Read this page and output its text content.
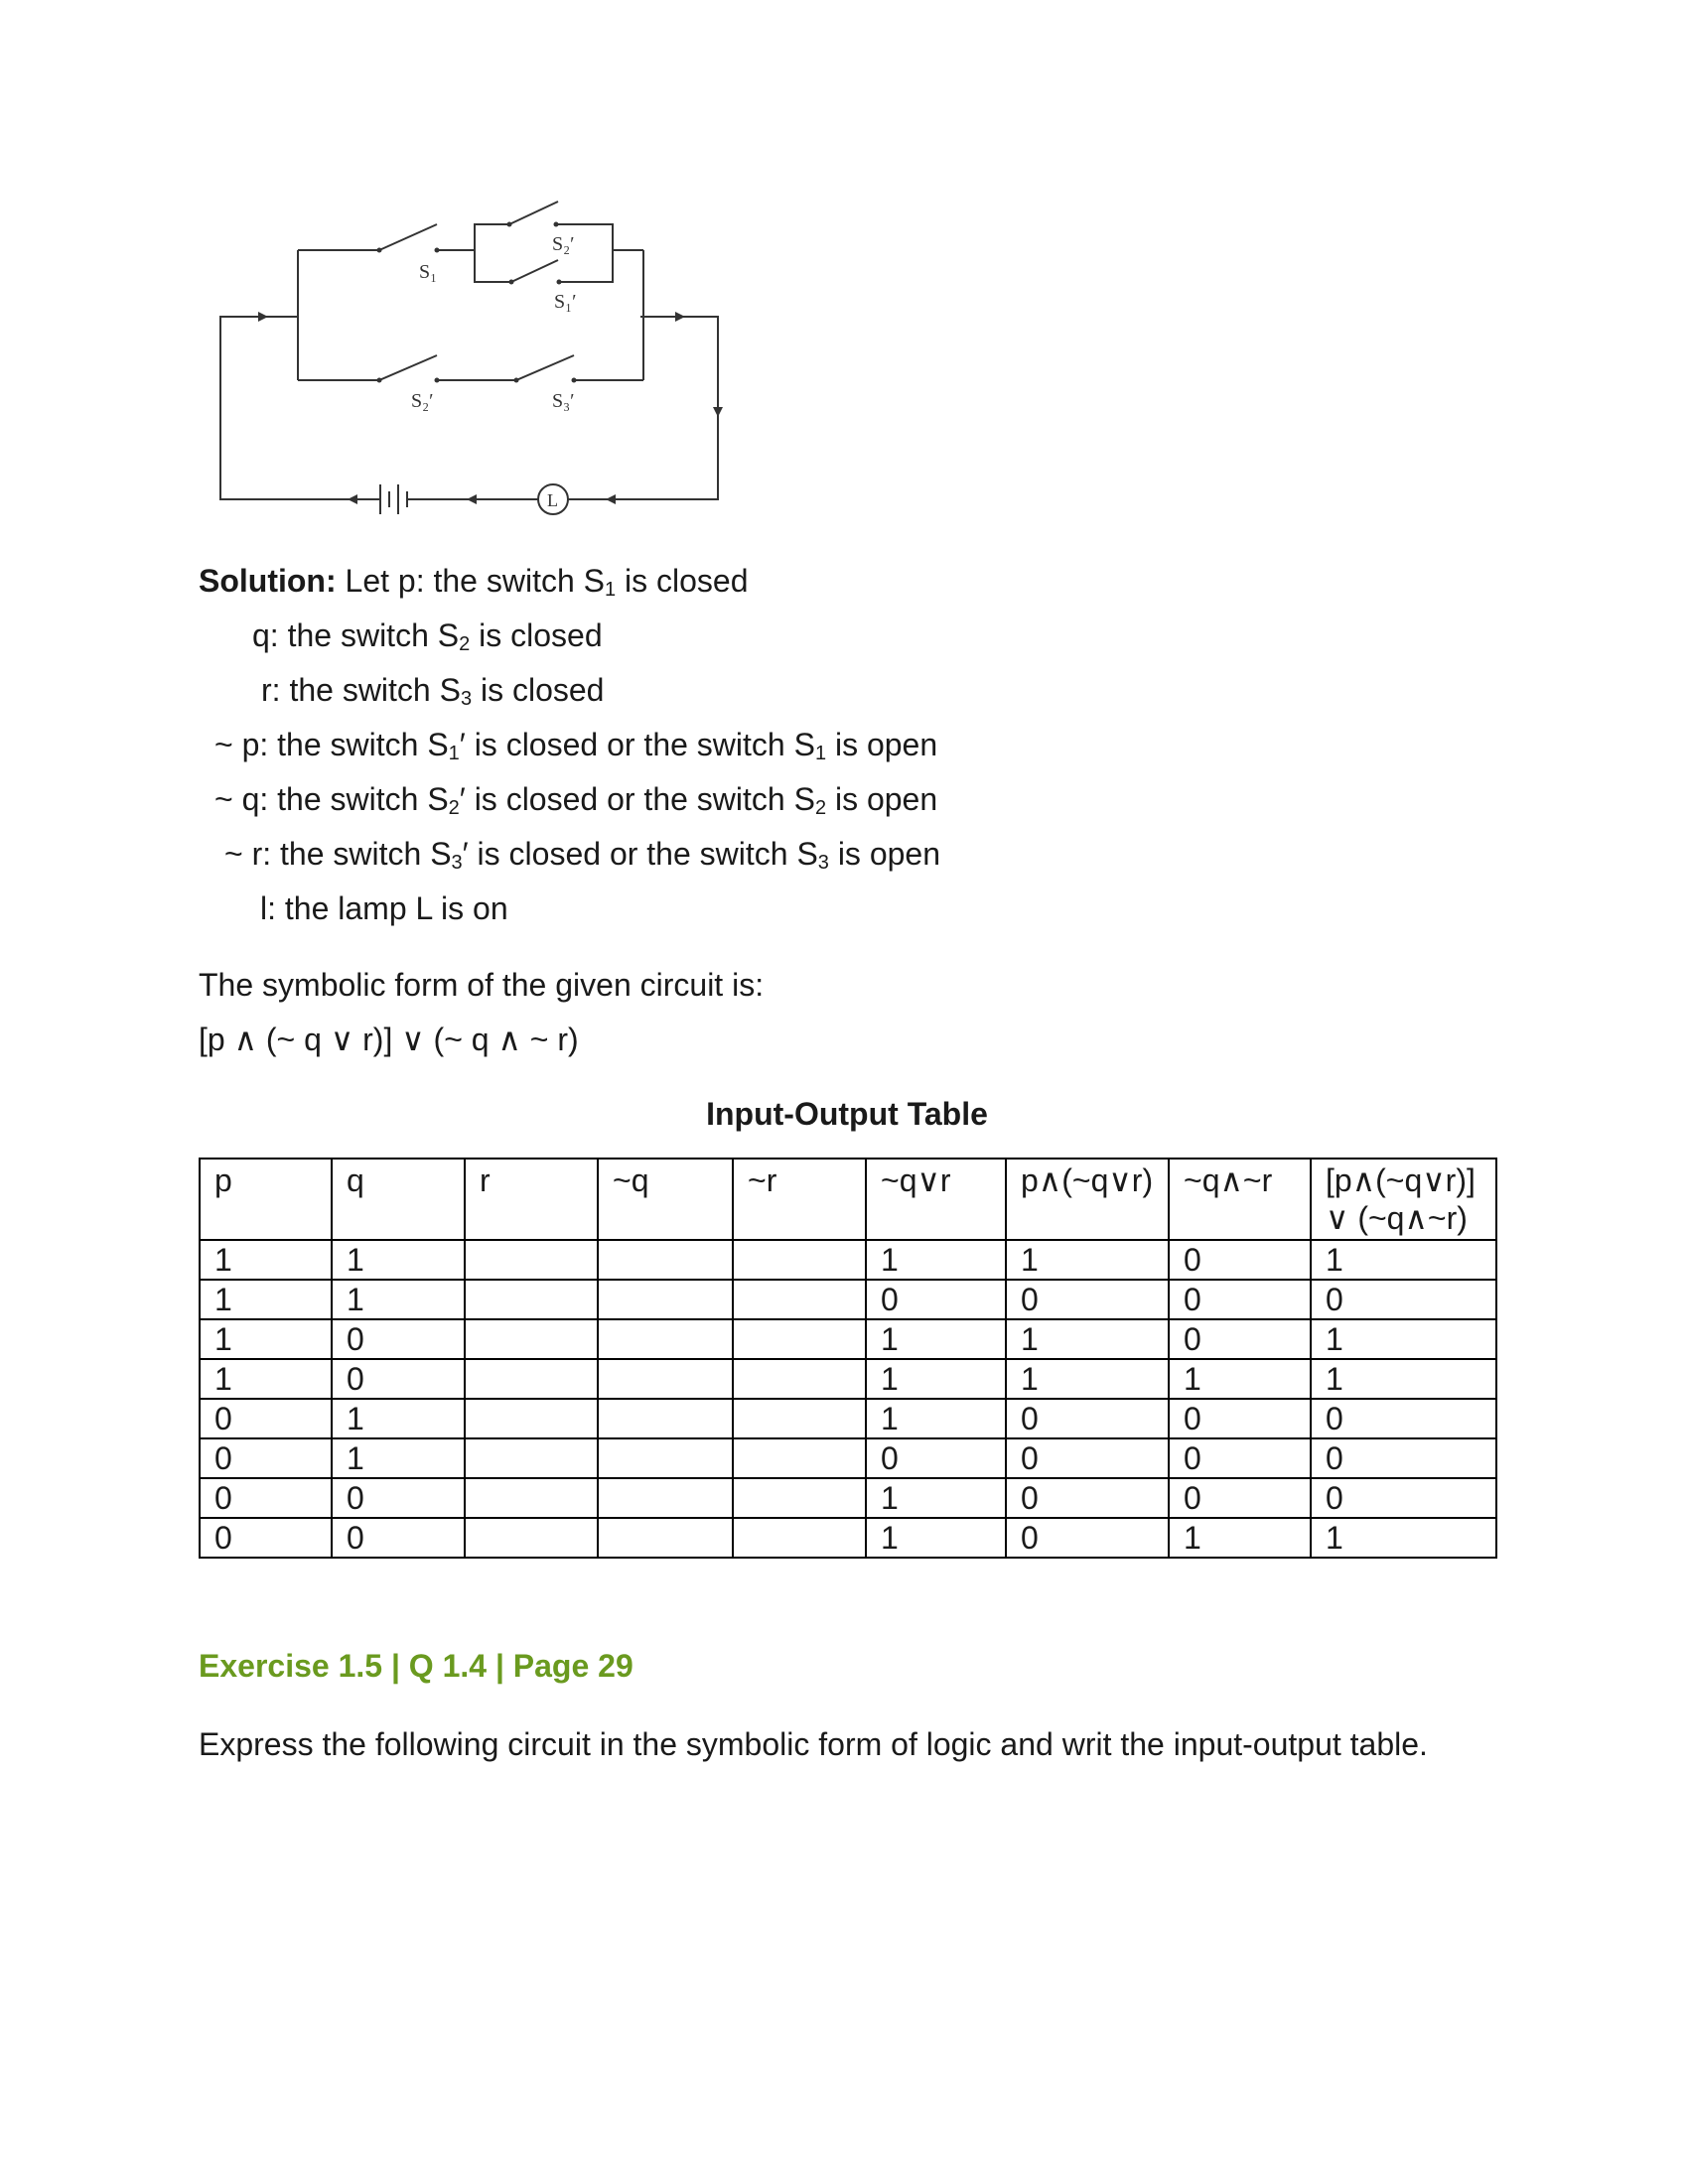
S₁
S₂′
S₁′
S₂′	S₃′
L
Solution: Let p: the switch $S_1$ is closed
q: the switch $S_2$ is closed
r: the switch $S_3$ is closed
~ p: the switch $S_1'$ is closed or the switch $S_1$ is open
~ q: the switch $S_2'$ is closed or the switch $S_2$ is open
~ r: the switch $S_3'$ is closed or the switch $S_3$ is open
l: the lamp L is on
The symbolic form of the given circuit is:
[p ∧ (~ q ∨ r)] ∨ (~ q ∧ ~ r)
Input-Output Table
p	q	r	~q	~r	~q∨r	p∧(~q∨r)	~q∧~r	[p∧(~q∨r)] ∨ (~q∧~r)
1	1				1	1	0	1
1	1				0	0	0	0
1	0				1	1	0	1
1	0				1	1	1	1
0	1				1	0	0	0
0	1				0	0	0	0
0	0				1	0	0	0
0	0				1	0	1	1
Exercise 1.5 | Q 1.4 | Page 29
Express the following circuit in the symbolic form of logic and writ the input-output table.
